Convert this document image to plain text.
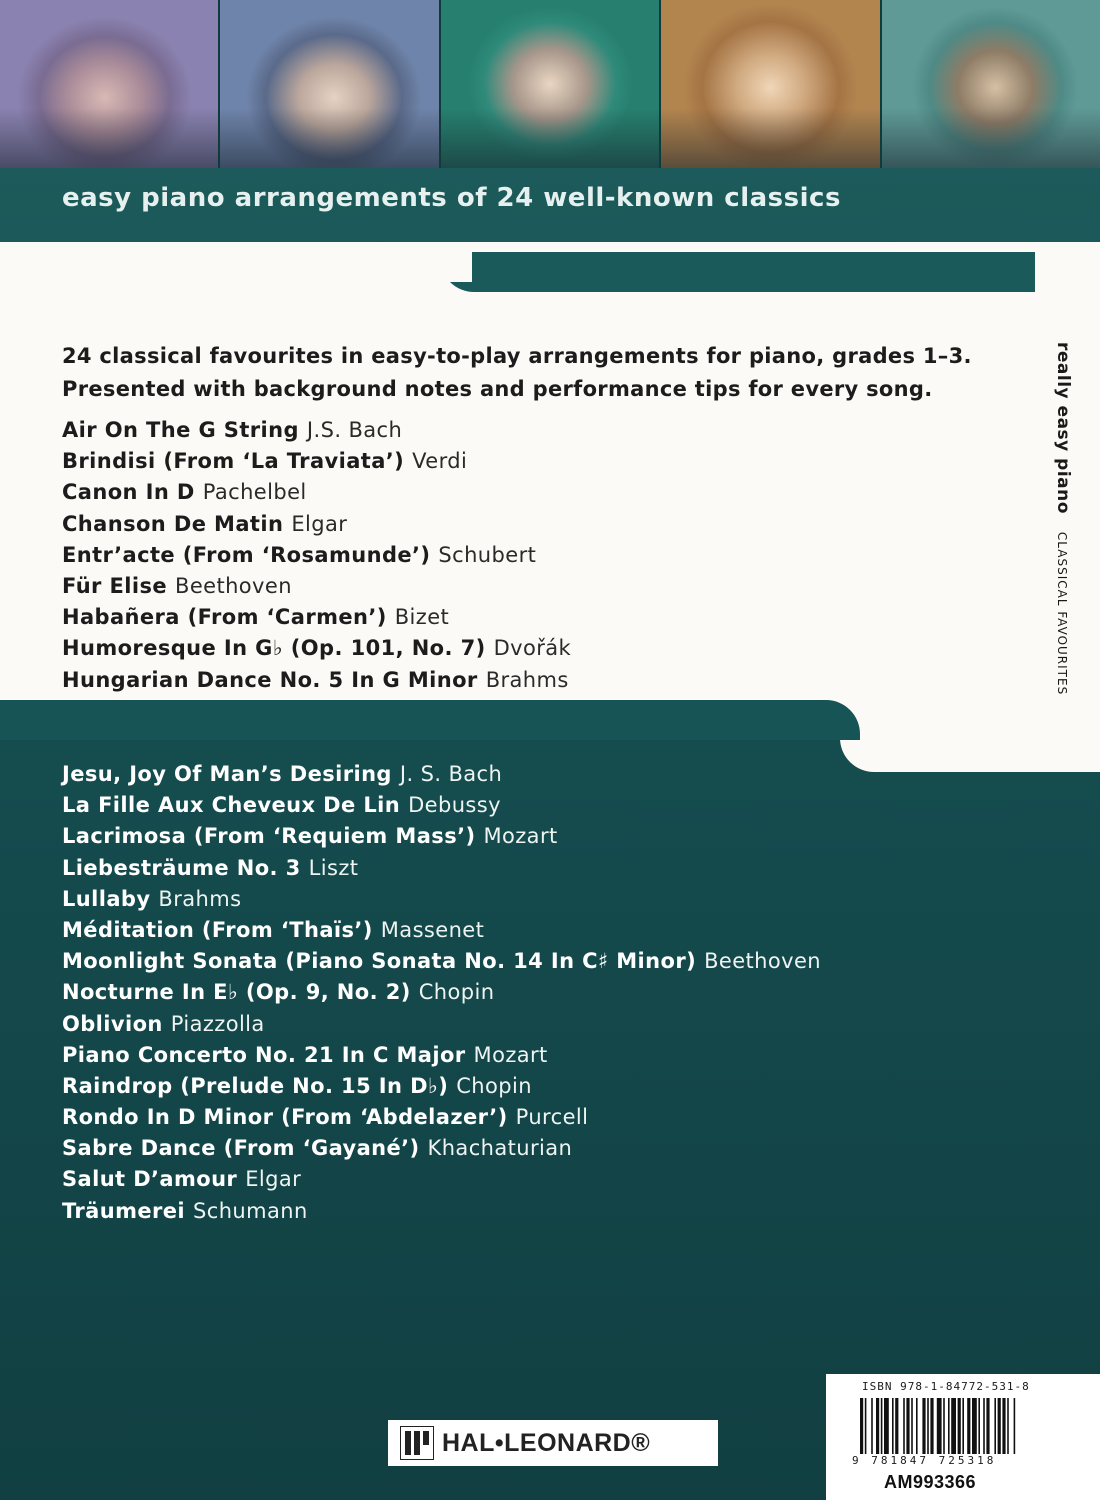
easy piano arrangements of 24 well-known classics
24 classical favourites in easy-to-play arrangements for piano, grades 1–3.
Presented with background notes and performance tips for every song.
Air On The G String J.S. Bach
Brindisi (From ‘La Traviata’) Verdi
Canon In D Pachelbel
Chanson De Matin Elgar
Entr’acte (From ‘Rosamunde’) Schubert
Für Elise Beethoven
Habañera (From ‘Carmen’) Bizet
Humoresque In G♭ (Op. 101, No. 7) Dvořák
Hungarian Dance No. 5 In G Minor Brahms
Jesu, Joy Of Man’s Desiring J. S. Bach
La Fille Aux Cheveux De Lin Debussy
Lacrimosa (From ‘Requiem Mass’) Mozart
Liebesträume No. 3 Liszt
Lullaby Brahms
Méditation (From ‘Thaïs’) Massenet
Moonlight Sonata (Piano Sonata No. 14 In C♯ Minor) Beethoven
Nocturne In E♭ (Op. 9, No. 2) Chopin
Oblivion Piazzolla
Piano Concerto No. 21 In C Major Mozart
Raindrop (Prelude No. 15 In D♭) Chopin
Rondo In D Minor (From ‘Abdelazer’) Purcell
Sabre Dance (From ‘Gayané’) Khachaturian
Salut D’amour Elgar
Träumerei Schumann
really easy pianoCLASSICAL FAVOURITES
HAL•LEONARD®
ISBN 978-1-84772-531-8
9 781847 725318
AM993366
